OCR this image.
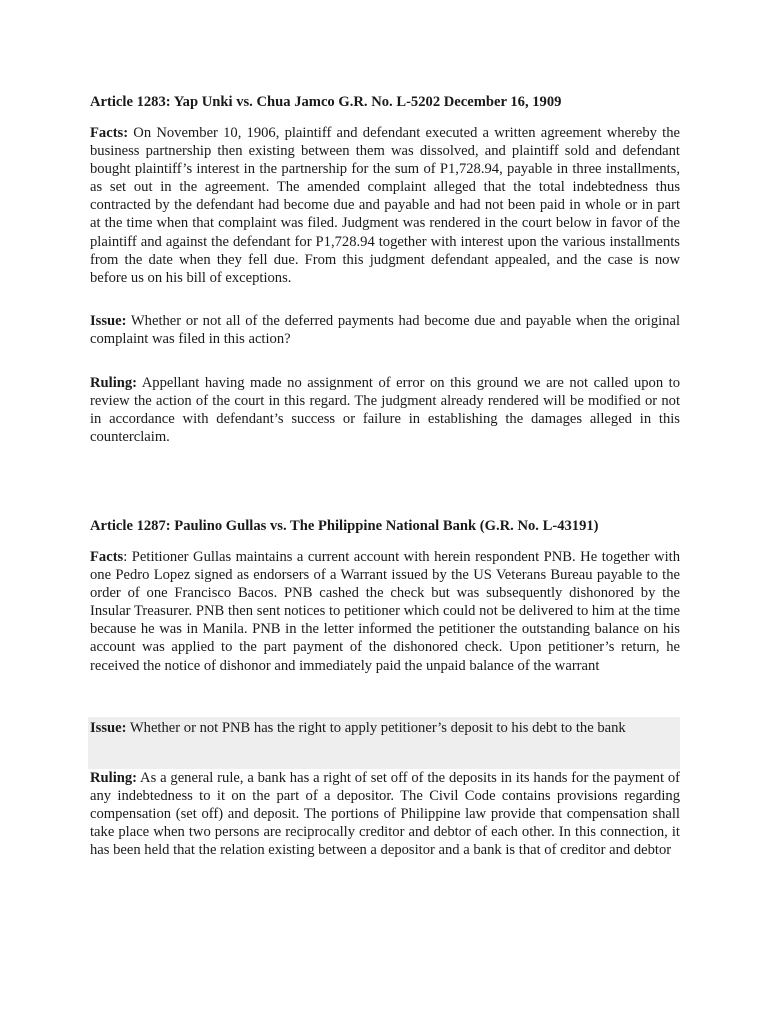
Article 1283: Yap Unki vs. Chua Jamco G.R. No. L-5202 December 16, 1909

Facts: On November 10, 1906, plaintiff and defendant executed a written agreement whereby the business partnership then existing between them was dissolved, and plaintiff sold and defendant bought plaintiff’s interest in the partnership for the sum of P1,728.94, payable in three installments, as set out in the agreement. The amended complaint alleged that the total indebtedness thus contracted by the defendant had become due and payable and had not been paid in whole or in part at the time when that complaint was filed. Judgment was rendered in the court below in favor of the plaintiff and against the defendant for P1,728.94 together with interest upon the various installments from the date when they fell due. From this judgment defendant appealed, and the case is now before us on his bill of exceptions.

Issue: Whether or not all of the deferred payments had become due and payable when the original complaint was filed in this action?

Ruling: Appellant having made no assignment of error on this ground we are not called upon to review the action of the court in this regard. The judgment already rendered will be modified or not in accordance with defendant’s success or failure in establishing the damages alleged in this counterclaim.

Article 1287: Paulino Gullas vs. The Philippine National Bank (G.R. No. L-43191)

Facts: Petitioner Gullas maintains a current account with herein respondent PNB. He together with one Pedro Lopez signed as endorsers of a Warrant issued by the US Veterans Bureau payable to the order of one Francisco Bacos. PNB cashed the check but was subsequently dishonored by the Insular Treasurer. PNB then sent notices to petitioner which could not be delivered to him at the time because he was in Manila. PNB in the letter informed the petitioner the outstanding balance on his account was applied to the part payment of the dishonored check. Upon petitioner’s return, he received the notice of dishonor and immediately paid the unpaid balance of the warrant

Issue: Whether or not PNB has the right to apply petitioner’s deposit to his debt to the bank

Ruling: As a general rule, a bank has a right of set off of the deposits in its hands for the payment of any indebtedness to it on the part of a depositor. The Civil Code contains provisions regarding compensation (set off) and deposit. The portions of Philippine law provide that compensation shall take place when two persons are reciprocally creditor and debtor of each other. In this connection, it has been held that the relation existing between a depositor and a bank is that of creditor and debtor
